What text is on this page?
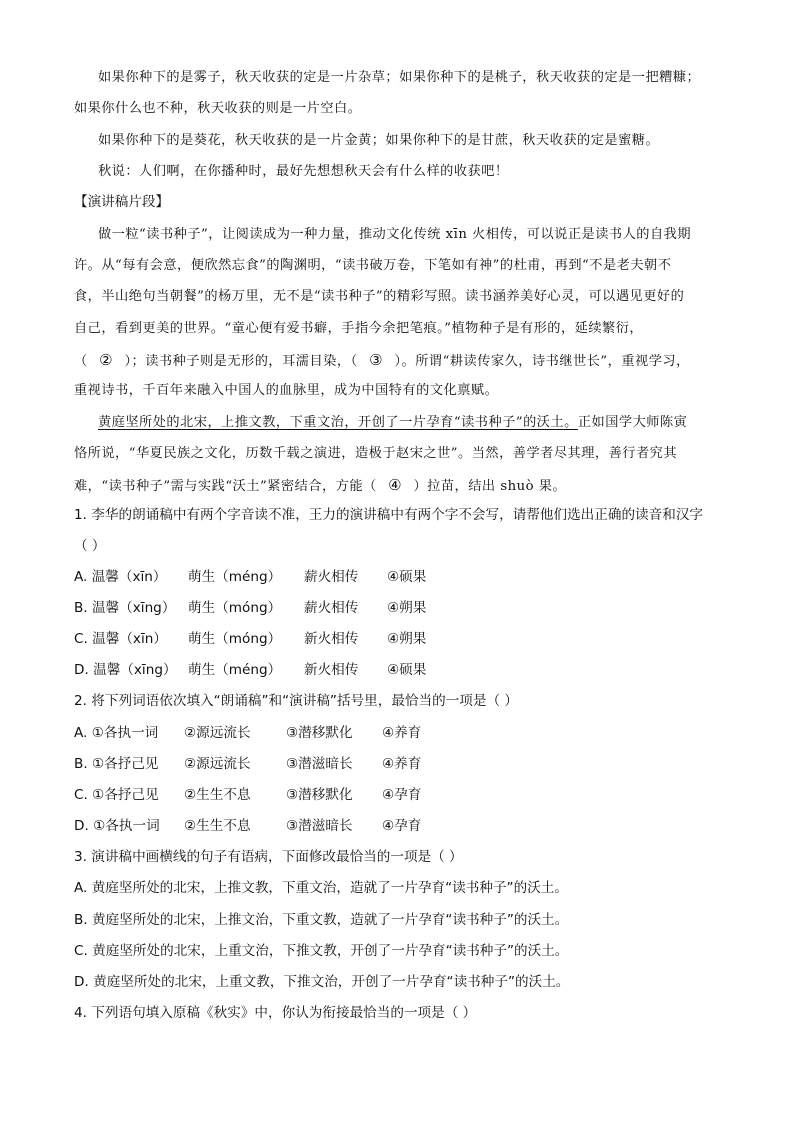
如果你种下的是雾子，秋天收获的定是一片杂草；如果你种下的是桃子，秋天收获的定是一把糟糠；
如果你什么也不种，秋天收获的则是一片空白。
如果你种下的是葵花，秋天收获的是一片金黄；如果你种下的是甘蔗，秋天收获的定是蜜糖。
秋说：人们啊，在你播种时，最好先想想秋天会有什么样的收获吧！
【演讲稿片段】
做一粒“读书种子”，让阅读成为一种力量，推动文化传统 xīn 火相传，可以说正是读书人的自我期
许。从“每有会意，便欣然忘食”的陶渊明，“读书破万卷，下笔如有神”的杜甫，再到“不是老夫朝不
食，半山绝句当朝餐”的杨万里，无不是“读书种子”的精彩写照。读书涵养美好心灵，可以遇见更好的
自己，看到更美的世界。“童心便有爱书癖，手指今余把笔痕。”植物种子是有形的，延续繁衍，
（ ② ）；读书种子则是无形的，耳濡目染，（ ③ ）。所谓“耕读传家久，诗书继世长”，重视学习，
重视诗书，千百年来融入中国人的血脉里，成为中国特有的文化禀赋。
黄庭坚所处的北宋，上推文教，下重文治，开创了一片孕育“读书种子”的沃土。正如国学大师陈寅
恪所说，“华夏民族之文化，历数千载之演进，造极于赵宋之世”。当然，善学者尽其理，善行者究其
难，“读书种子”需与实践“沃土”紧密结合，方能（ ④ ）拉苗，结出 shuò 果。
1. 李华的朗诵稿中有两个字音读不准，王力的演讲稿中有两个字不会写，请帮他们选出正确的读音和汉字
（ ）
A. 温馨（xīn） 萌生（méng） 薪火相传 ④硕果
B. 温馨（xīng） 萌生（móng） 薪火相传 ④朔果
C. 温馨（xīn） 萌生（móng） 新火相传 ④朔果
D. 温馨（xīng） 萌生（méng） 新火相传 ④硕果
2. 将下列词语依次填入“朗诵稿”和“演讲稿”括号里，最恰当的一项是（ ）
A. ①各执一词 ②源远流长	③潜移默化 ④养育
B. ①各抒己见 ②源远流长	③潜滋暗长 ④养育
C. ①各抒己见 ②生生不息	③潜移默化 ④孕育
D. ①各执一词 ②生生不息	③潜滋暗长 ④孕育
3. 演讲稿中画横线的句子有语病，下面修改最恰当的一项是（ ）
A. 黄庭坚所处的北宋，上推文教，下重文治，造就了一片孕育“读书种子”的沃土。
B. 黄庭坚所处的北宋，上推文治，下重文教，造就了一片孕育“读书种子”的沃土。
C. 黄庭坚所处的北宋，上重文治，下推文教，开创了一片孕育“读书种子”的沃土。
D. 黄庭坚所处的北宋，上重文教，下推文治，开创了一片孕育“读书种子”的沃土。
4. 下列语句填入原稿《秋实》中，你认为衔接最恰当的一项是（ ）
